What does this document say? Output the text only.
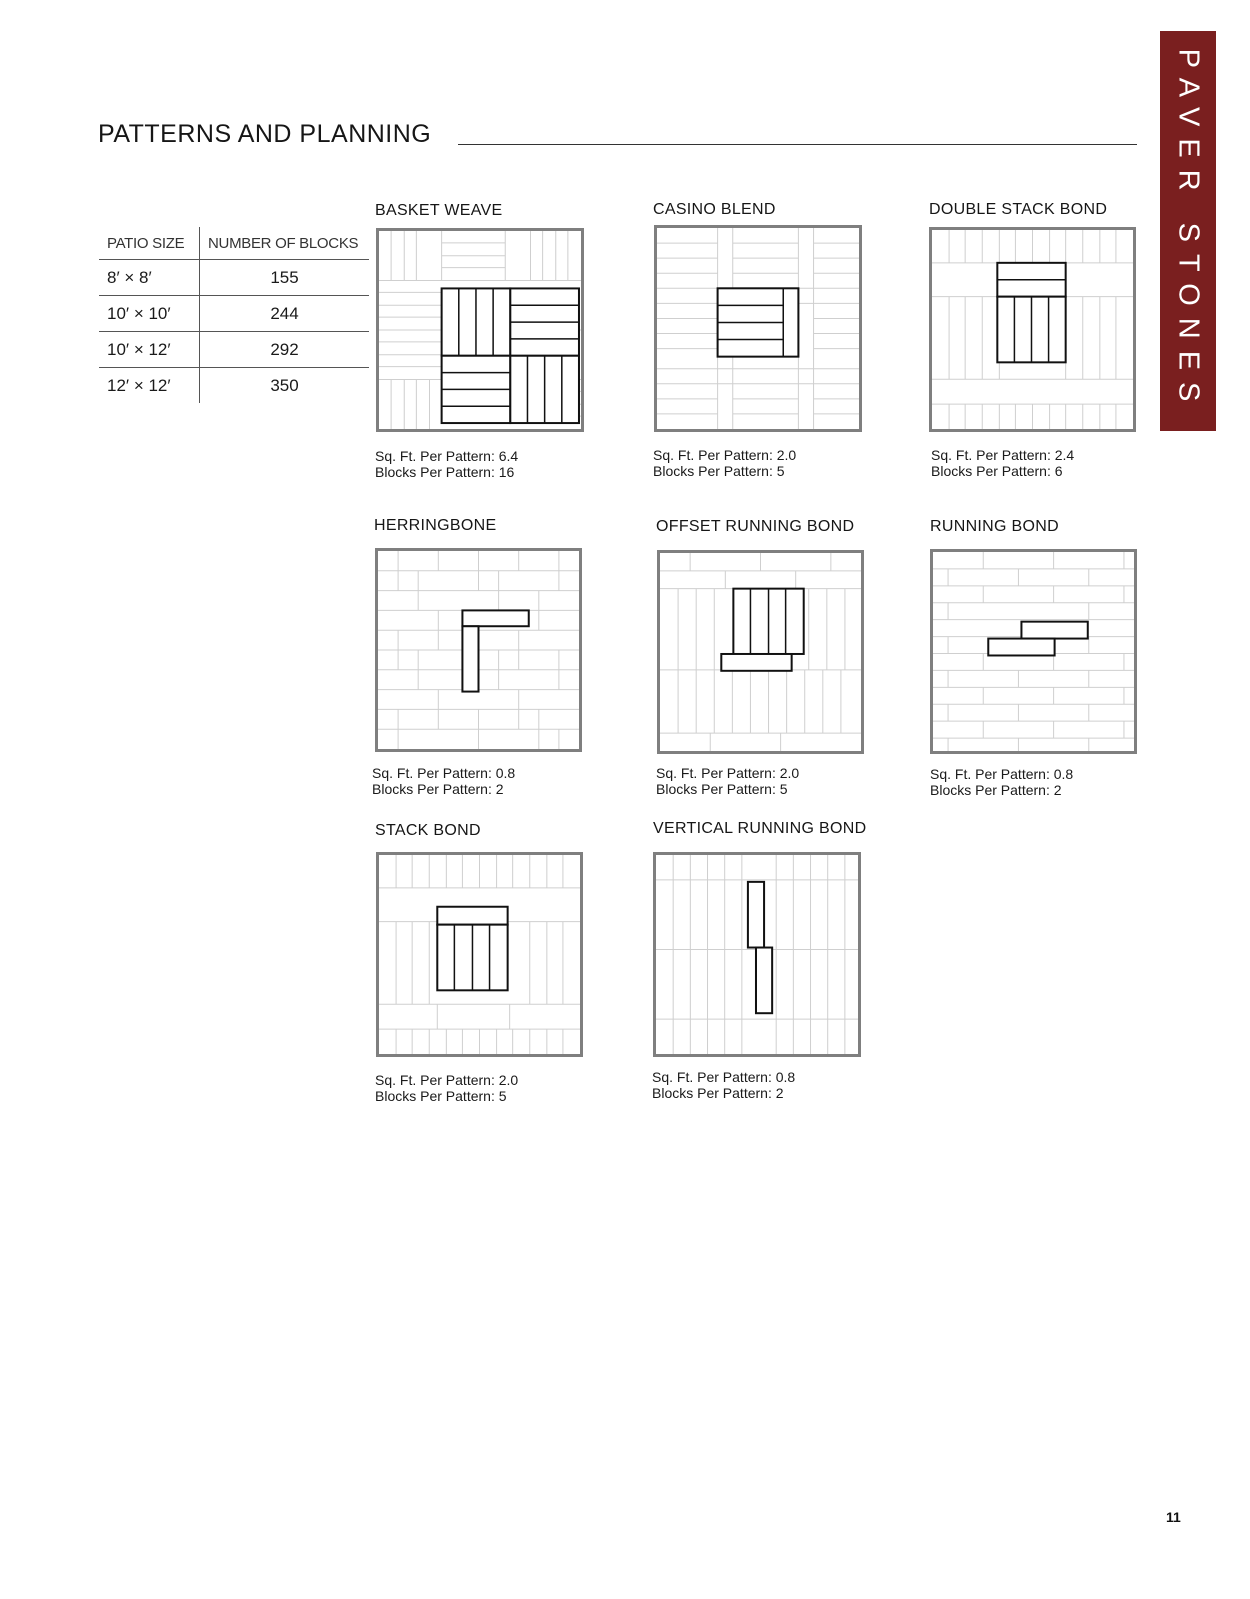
PATTERNS AND PLANNING	PAVER STONES
PATIO SIZE	NUMBER OF BLOCKS
8′ × 8′	155
10′ × 10′	244
10′ × 12′	292
12′ × 12′	350
BASKET WEAVE
Sq. Ft. Per Pattern: 6.4
Blocks Per Pattern: 16
CASINO BLEND
Sq. Ft. Per Pattern: 2.0
Blocks Per Pattern: 5
DOUBLE STACK BOND
Sq. Ft. Per Pattern: 2.4
Blocks Per Pattern: 6
HERRINGBONE
Sq. Ft. Per Pattern: 0.8
Blocks Per Pattern: 2
OFFSET RUNNING BOND
Sq. Ft. Per Pattern: 2.0
Blocks Per Pattern: 5
RUNNING BOND
Sq. Ft. Per Pattern: 0.8
Blocks Per Pattern: 2
STACK BOND
Sq. Ft. Per Pattern: 2.0
Blocks Per Pattern: 5
VERTICAL RUNNING BOND
Sq. Ft. Per Pattern: 0.8
Blocks Per Pattern: 2
11
